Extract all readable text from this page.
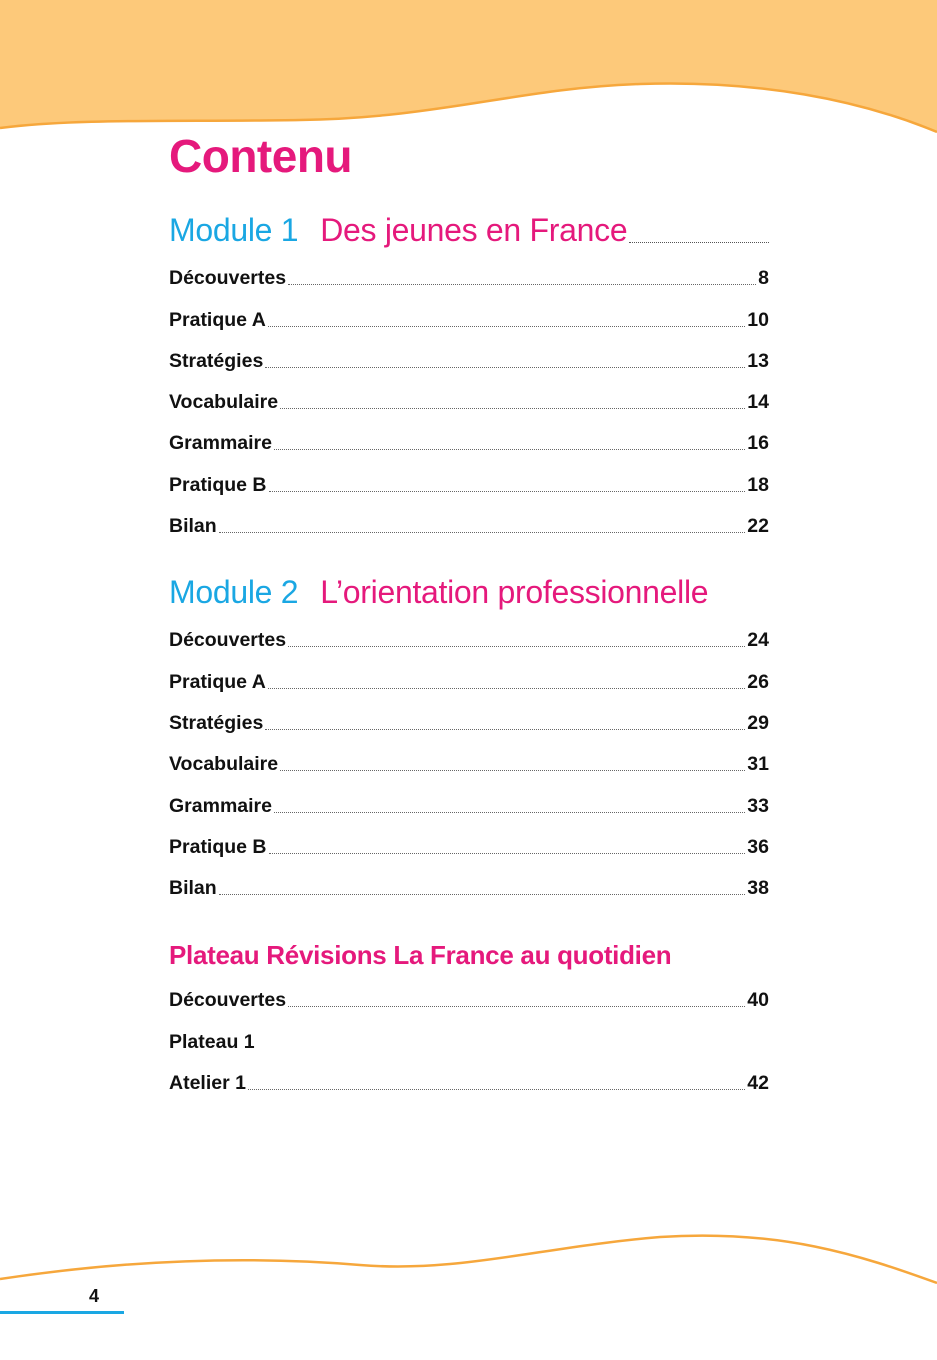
Contenu
Module 1 Des jeunes en France
Découvertes	8
Pratique A	10
Stratégies	13
Vocabulaire	14
Grammaire	16
Pratique B	18
Bilan	22
Module 2 L’orientation professionnelle
Découvertes	24
Pratique A	26
Stratégies	29
Vocabulaire	31
Grammaire	33
Pratique B	36
Bilan	38
Plateau Révisions La France au quotidien
Découvertes	40
Plateau 1
Atelier 1	42
4
